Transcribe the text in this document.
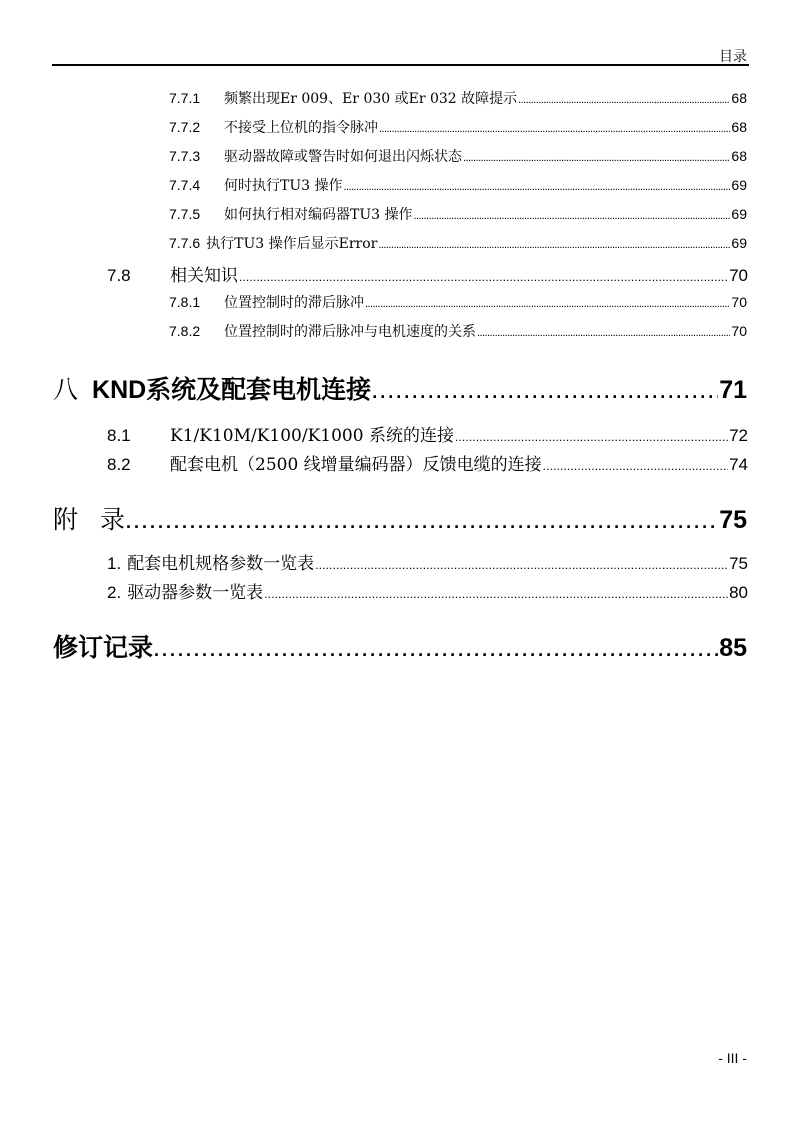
目录
7.7.1	频繁出现Er 009、Er 030 或Er 032 故障提示 . . .	68
7.7.2	不接受上位机的指令脉冲 . . .	68
7.7.3	驱动器故障或警告时如何退出闪烁状态 . . .	68
7.7.4	何时执行TU3 操作 . . .	69
7.7.5	如何执行相对编码器TU3 操作 . . .	69
7.7.6 执行TU3 操作后显示Error . . .	69
7.8	相关知识 . . .	70
7.8.1	位置控制时的滞后脉冲 . . .	70
7.8.2	位置控制时的滞后脉冲与电机速度的关系 . . .	70
八 KND系统及配套电机连接 . . .	71
8.1	K1/K10M/K100/K1000 系统的连接 . . .	72
8.2	配套电机（2500 线增量编码器）反馈电缆的连接 . . .	74
附 录 . . .	75
1. 配套电机规格参数一览表 . . .	75
2. 驱动器参数一览表 . . .	80
修订记录 . . .	85
- III -
